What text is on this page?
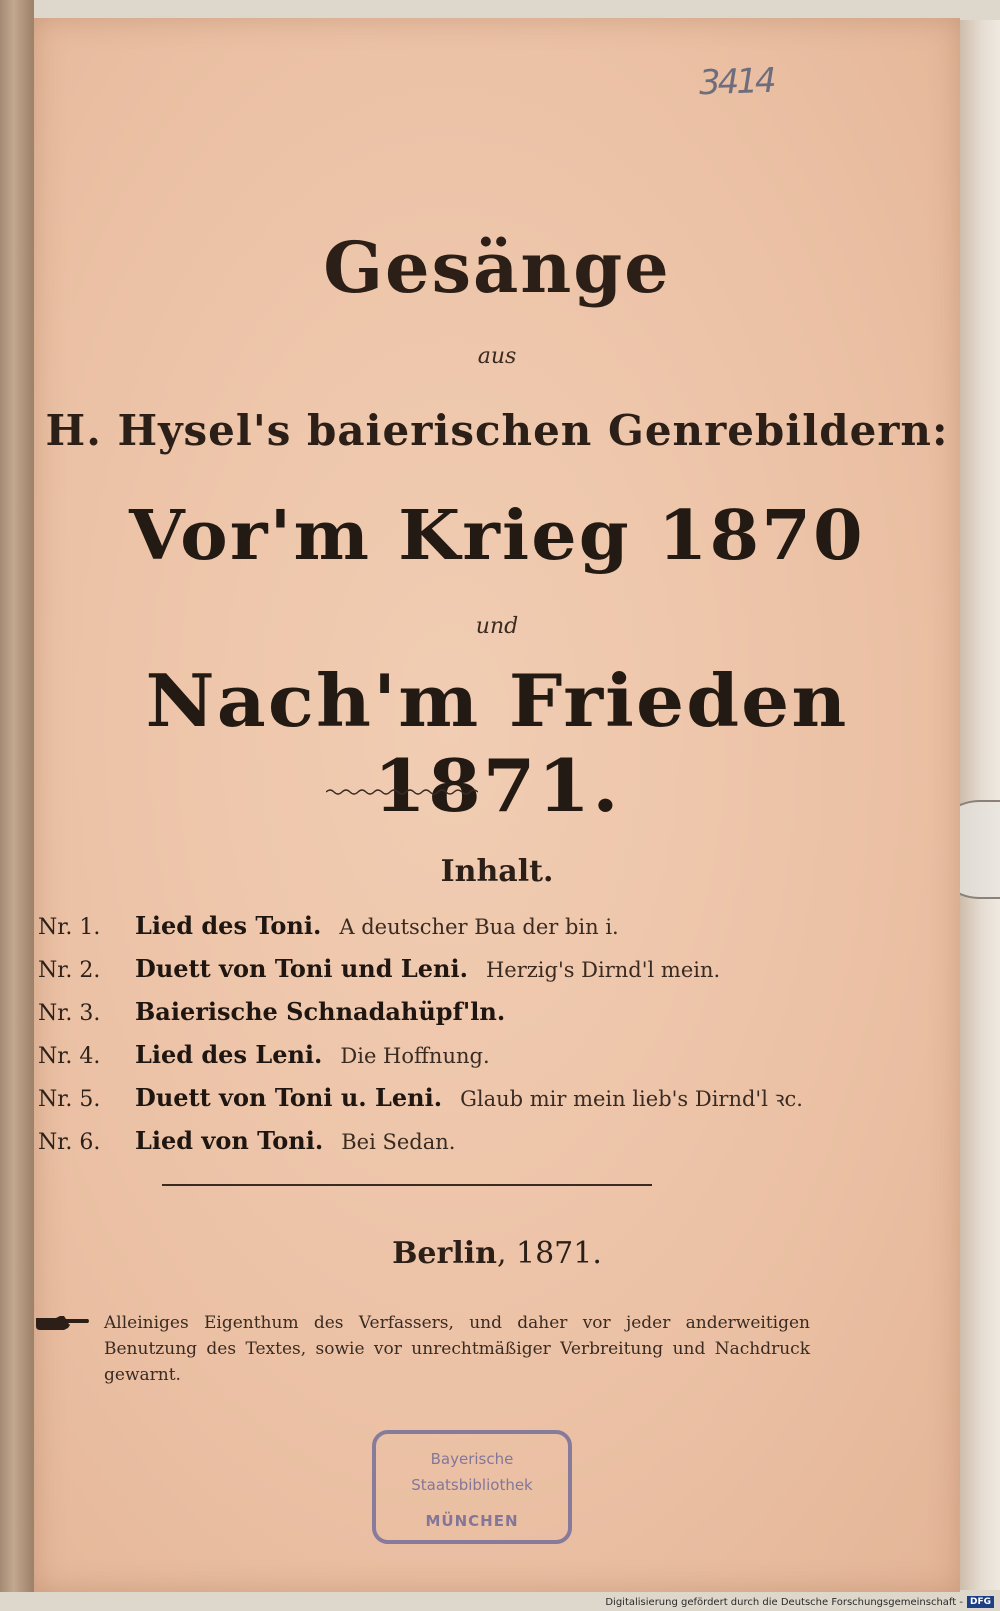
3414
Gesänge
aus
H. Hysel's baierischen Genrebildern:
Vor'm Krieg 1870
und
Nach'm Frieden 1871.
Inhalt.
Nr. 1.	Lied des Toni. A deutscher Bua der bin i.
Nr. 2.	Duett von Toni und Leni. Herzig's Dirnd'l mein.
Nr. 3.	Baierische Schnadahüpf'ln.
Nr. 4.	Lied des Leni. Die Hoffnung.
Nr. 5.	Duett von Toni u. Leni. Glaub mir mein lieb's Dirnd'l ꝛc.
Nr. 6.	Lied von Toni. Bei Sedan.
Berlin, 1871.
Alleiniges Eigenthum des Verfassers, und daher vor jeder anderweitigen Benutzung des Textes, sowie vor unrechtmäßiger Verbreitung und Nachdruck gewarnt.
Bayerische
Staatsbibliothek
MÜNCHEN
Digitalisierung gefördert durch die Deutsche Forschungsgemeinschaft - DFG
